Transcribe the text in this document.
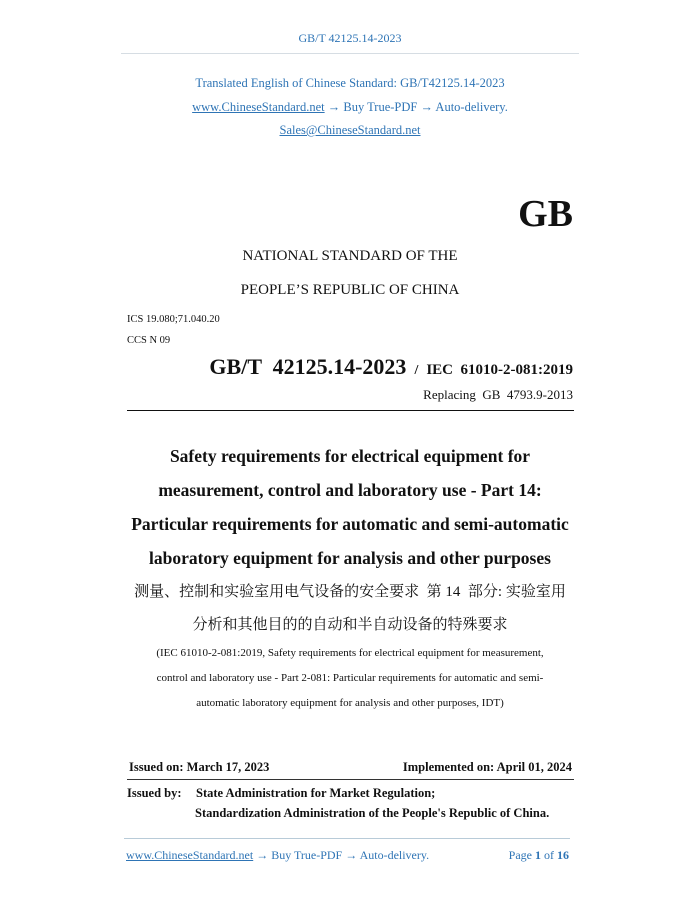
GB/T 42125.14-2023
Translated English of Chinese Standard: GB/T42125.14-2023
www.ChineseStandard.net → Buy True-PDF → Auto-delivery.
Sales@ChineseStandard.net
GB
NATIONAL STANDARD OF THE
PEOPLE’S REPUBLIC OF CHINA
ICS 19.080;71.040.20
CCS N 09
GB/T  42125.14-2023 / IEC  61010-2-081:2019
Replacing  GB  4793.9-2013
Safety requirements for electrical equipment for
measurement, control and laboratory use - Part 14:
Particular requirements for automatic and semi-automatic
laboratory equipment for analysis and other purposes
测量、控制和实验室用电气设备的安全要求  第 14  部分: 实验室用
分析和其他目的的自动和半自动设备的特殊要求
(IEC 61010-2-081:2019, Safety requirements for electrical equipment for measurement,
control and laboratory use - Part 2-081: Particular requirements for automatic and semi-
automatic laboratory equipment for analysis and other purposes, IDT)
Issued on: March 17, 2023	Implemented on: April 01, 2024
Issued by: State Administration for Market Regulation;
Standardization Administration of the People's Republic of China.
www.ChineseStandard.net → Buy True-PDF → Auto-delivery.	Page 1 of 16
